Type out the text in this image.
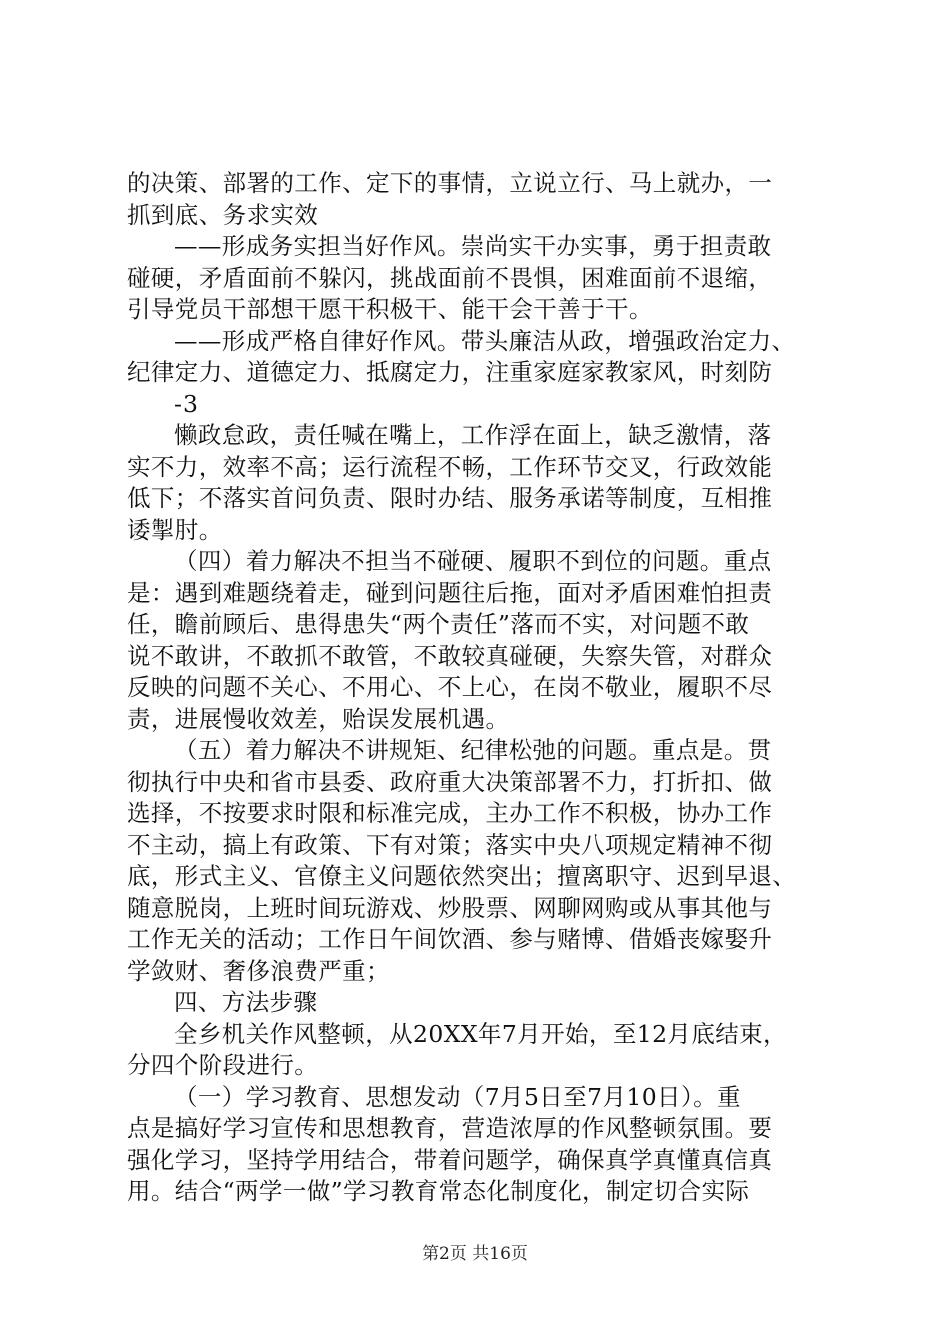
的决策、部署的工作、定下的事情，立说立行、马上就办，一
抓到底、务求实效
——形成务实担当好作风。崇尚实干办实事，勇于担责敢
碰硬，矛盾面前不躲闪，挑战面前不畏惧，困难面前不退缩，
引导党员干部想干愿干积极干、能干会干善于干。
——形成严格自律好作风。带头廉洁从政，增强政治定力、
纪律定力、道德定力、抵腐定力，注重家庭家教家风，时刻防
-3
懒政怠政，责任喊在嘴上，工作浮在面上，缺乏激情，落
实不力，效率不高；运行流程不畅，工作环节交叉，行政效能
低下；不落实首问负责、限时办结、服务承诺等制度，互相推
诿掣肘。
（四）着力解决不担当不碰硬、履职不到位的问题。重点
是：遇到难题绕着走，碰到问题往后拖，面对矛盾困难怕担责
任，瞻前顾后、患得患失“两个责任”落而不实，对问题不敢
说不敢讲，不敢抓不敢管，不敢较真碰硬，失察失管，对群众
反映的问题不关心、不用心、不上心，在岗不敬业，履职不尽
责，进展慢收效差，贻误发展机遇。
（五）着力解决不讲规矩、纪律松弛的问题。重点是。贯
彻执行中央和省市县委、政府重大决策部署不力，打折扣、做
选择，不按要求时限和标准完成，主办工作不积极，协办工作
不主动，搞上有政策、下有对策；落实中央八项规定精神不彻
底，形式主义、官僚主义问题依然突出；擅离职守、迟到早退、
随意脱岗，上班时间玩游戏、炒股票、网聊网购或从事其他与
工作无关的活动；工作日午间饮酒、参与赌博、借婚丧嫁娶升
学敛财、奢侈浪费严重；
四、方法步骤
全乡机关作风整顿，从20XX年7月开始，至12月底结束，
分四个阶段进行。
（一）学习教育、思想发动（7月5日至7月10日）。重
点是搞好学习宣传和思想教育，营造浓厚的作风整顿氛围。要
强化学习，坚持学用结合，带着问题学，确保真学真懂真信真
用。结合“两学一做”学习教育常态化制度化，制定切合实际
第2页 共16页
